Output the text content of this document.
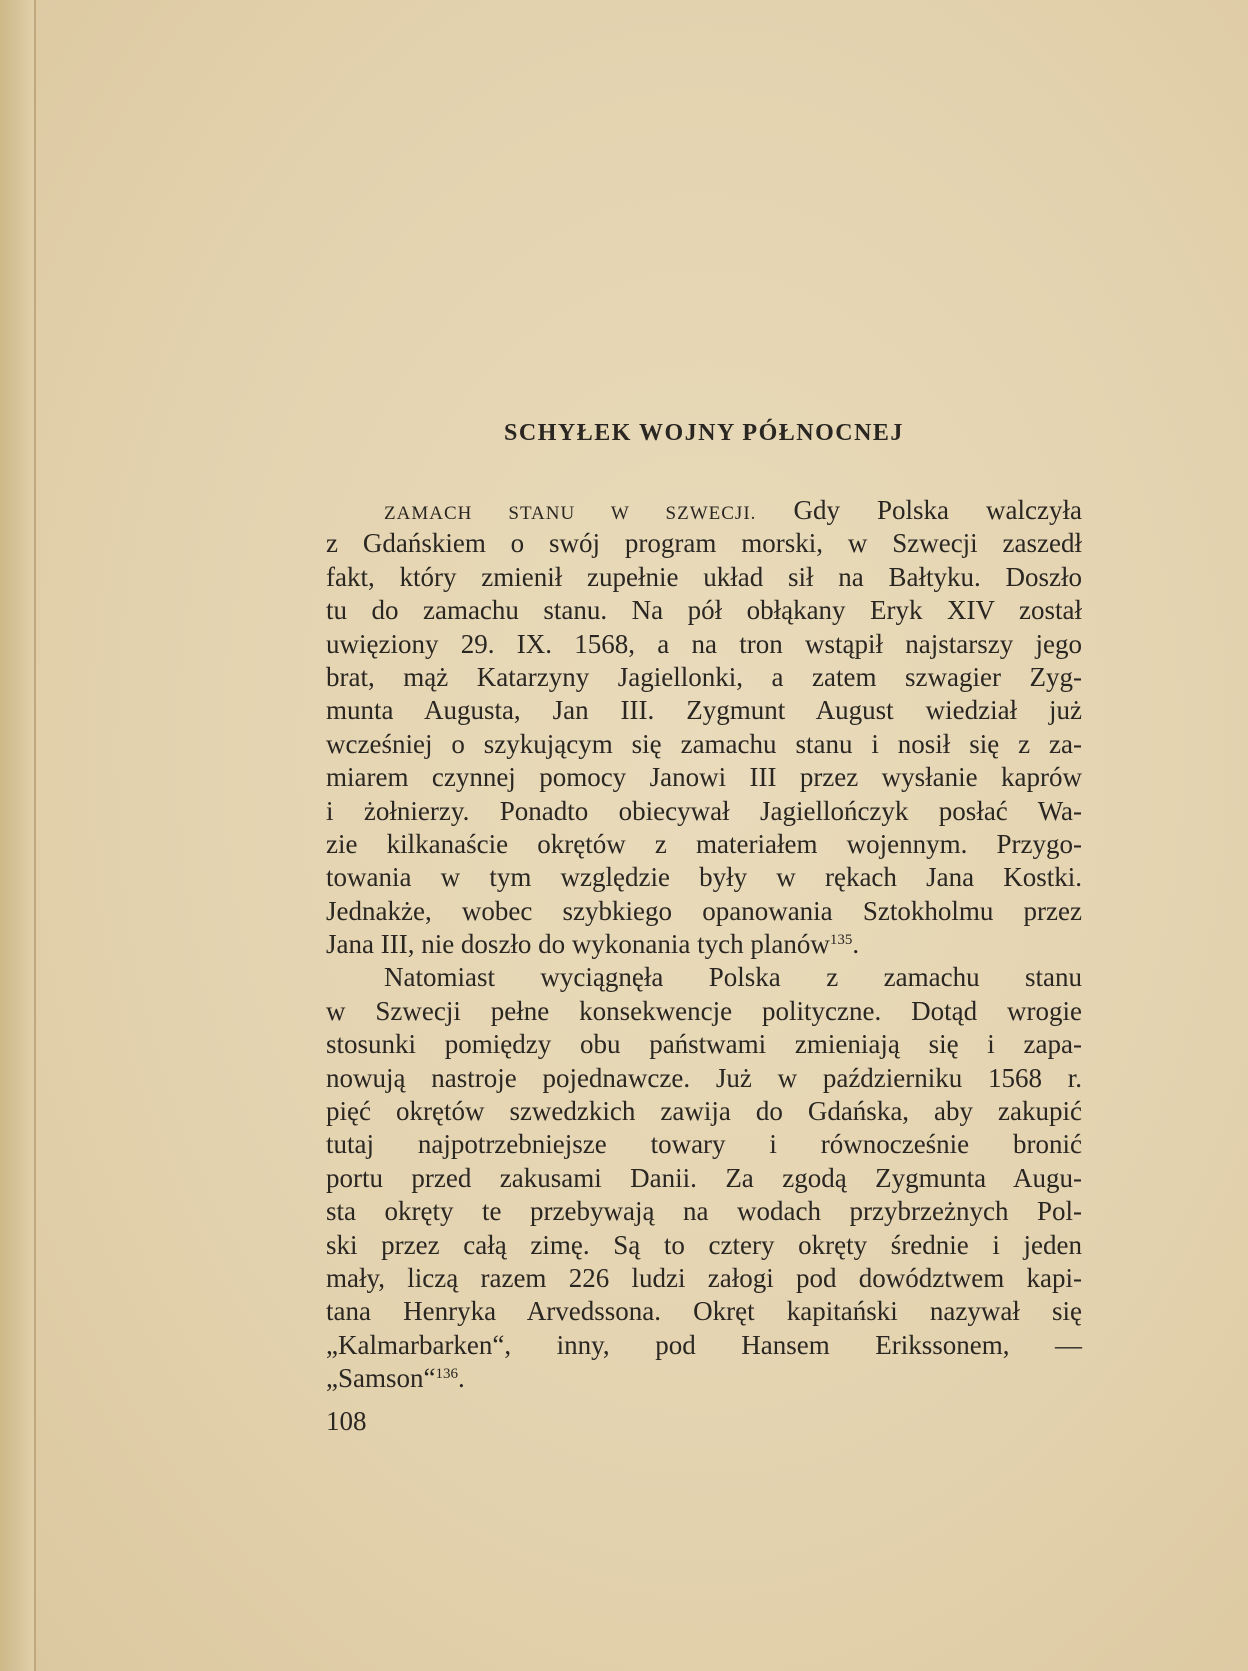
SCHYŁEK WOJNY PÓŁNOCNEJ
ZAMACH STANU W SZWECJI. Gdy Polska walczyła
z Gdańskiem o swój program morski, w Szwecji zaszedł
fakt, który zmienił zupełnie układ sił na Bałtyku. Doszło
tu do zamachu stanu. Na pół obłąkany Eryk XIV został
uwięziony 29. IX. 1568, a na tron wstąpił najstarszy jego
brat, mąż Katarzyny Jagiellonki, a zatem szwagier Zyg-
munta Augusta, Jan III. Zygmunt August wiedział już
wcześniej o szykującym się zamachu stanu i nosił się z za-
miarem czynnej pomocy Janowi III przez wysłanie kaprów
i żołnierzy. Ponadto obiecywał Jagiellończyk posłać Wa-
zie kilkanaście okrętów z materiałem wojennym. Przygo-
towania w tym względzie były w rękach Jana Kostki.
Jednakże, wobec szybkiego opanowania Sztokholmu przez
Jana III, nie doszło do wykonania tych planów$^{135}$.
Natomiast wyciągnęła Polska z zamachu stanu
w Szwecji pełne konsekwencje polityczne. Dotąd wrogie
stosunki pomiędzy obu państwami zmieniają się i zapa-
nowują nastroje pojednawcze. Już w październiku 1568 r.
pięć okrętów szwedzkich zawija do Gdańska, aby zakupić
tutaj najpotrzebniejsze towary i równocześnie bronić
portu przed zakusami Danii. Za zgodą Zygmunta Augu-
sta okręty te przebywają na wodach przybrzeżnych Pol-
ski przez całą zimę. Są to cztery okręty średnie i jeden
mały, liczą razem 226 ludzi załogi pod dowództwem kapi-
tana Henryka Arvedssona. Okręt kapitański nazywał się
„Kalmarbarken“, inny, pod Hansem Erikssonem, —
„Samson“$^{136}$.
108
